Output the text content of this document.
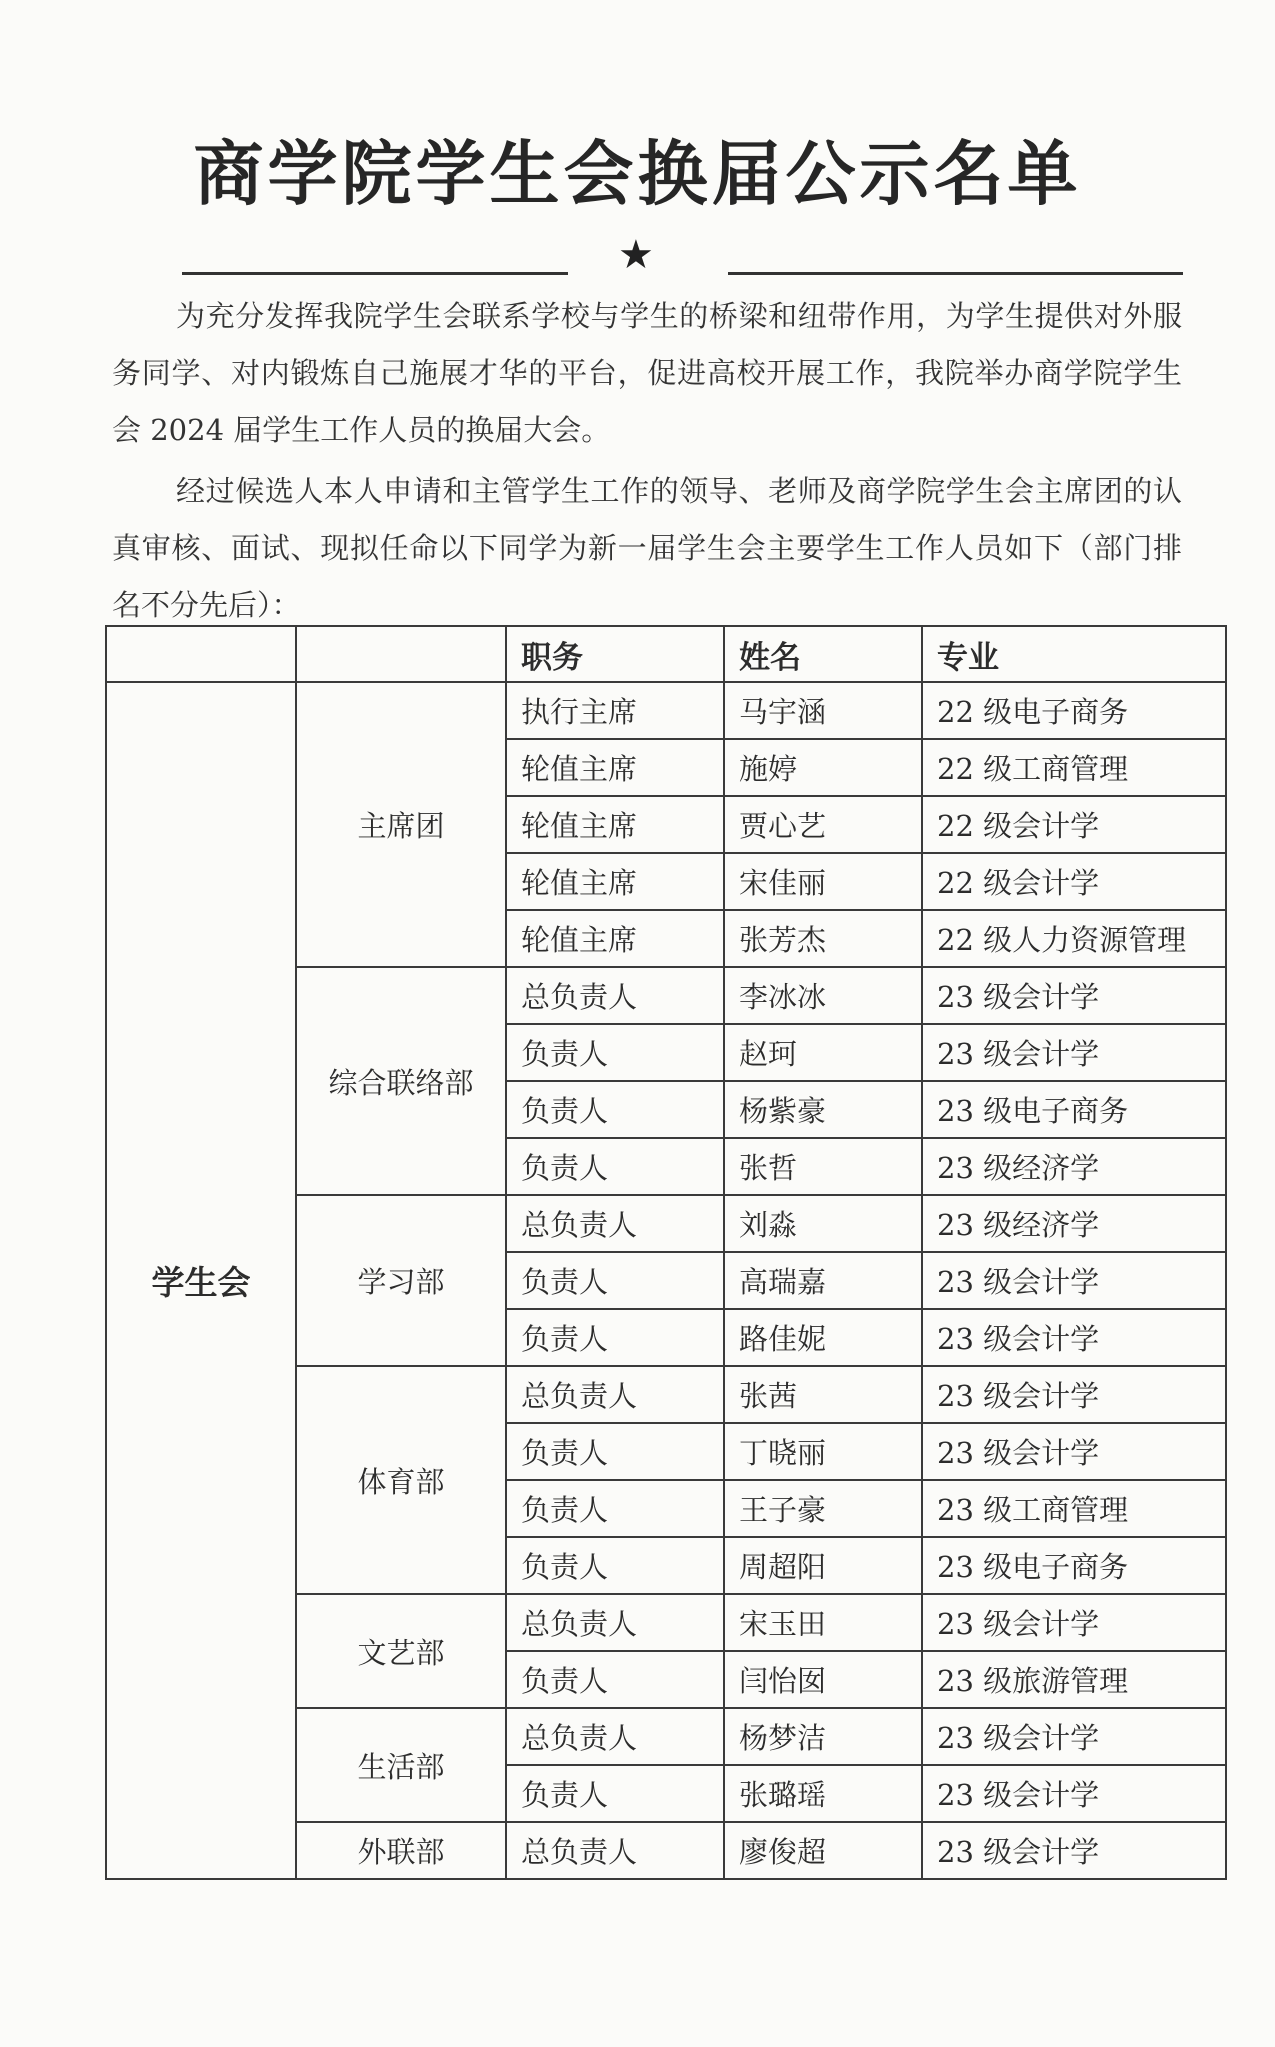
商学院学生会换届公示名单
★
为充分发挥我院学生会联系学校与学生的桥梁和纽带作用，为学生提供对外服务同学、对内锻炼自己施展才华的平台，促进高校开展工作，我院举办商学院学生会 2024 届学生工作人员的换届大会。
经过候选人本人申请和主管学生工作的领导、老师及商学院学生会主席团的认真审核、面试、现拟任命以下同学为新一届学生会主要学生工作人员如下（部门排名不分先后）：
		职务	姓名	专业
学生会	主席团	执行主席	马宇涵	22 级电子商务
		轮值主席	施婷	22 级工商管理
		轮值主席	贾心艺	22 级会计学
		轮值主席	宋佳丽	22 级会计学
		轮值主席	张芳杰	22 级人力资源管理
	综合联络部	总负责人	李冰冰	23 级会计学
		负责人	赵珂	23 级会计学
		负责人	杨紫豪	23 级电子商务
		负责人	张哲	23 级经济学
	学习部	总负责人	刘淼	23 级经济学
		负责人	高瑞嘉	23 级会计学
		负责人	路佳妮	23 级会计学
	体育部	总负责人	张茜	23 级会计学
		负责人	丁晓丽	23 级会计学
		负责人	王子豪	23 级工商管理
		负责人	周超阳	23 级电子商务
	文艺部	总负责人	宋玉田	23 级会计学
		负责人	闫怡囡	23 级旅游管理
	生活部	总负责人	杨梦洁	23 级会计学
		负责人	张璐瑶	23 级会计学
	外联部	总负责人	廖俊超	23 级会计学
